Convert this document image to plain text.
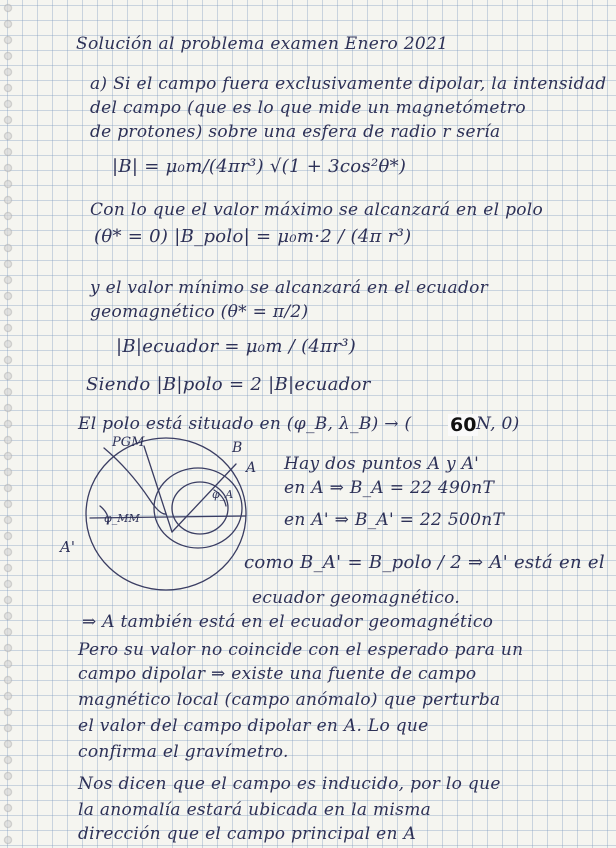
Solución al problema examen Enero 2021
a) Si el campo fuera exclusivamente dipolar, la intensidad
del campo (que es lo que mide un magnetómetro
de protones) sobre una esfera de radio r sería
|B| = μ₀m/(4πr³) √(1 + 3cos²θ*)
Con lo que el valor máximo se alcanzará en el polo
(θ* = 0) |B_polo| = μ₀m·2 / (4π r³)
y el valor mínimo se alcanzará en el ecuador
geomagnético (θ* = π/2)
|B|ecuador = μ₀m / (4πr³)
Siendo |B|polo = 2 |B|ecuador
El polo está situado en (φ_B, λ_B) → ( 60 N, 0)
Hay dos puntos A y A'
en A ⇒ B_A = 22 490nT
en A' ⇒ B_A' = 22 500nT
como B_A' = B_polo / 2 ⇒ A' está en el
ecuador geomagnético.
⇒ A también está en el ecuador geomagnético
Pero su valor no coincide con el esperado para un
campo dipolar ⇒ existe una fuente de campo
magnético local (campo anómalo) que perturba
el valor del campo dipolar en A. Lo que
confirma el gravímetro.
Nos dicen que el campo es inducido, por lo que
la anomalía estará ubicada en la misma
dirección que el campo principal en A
PGM	B
A
A'
φ_MM
φ_A
